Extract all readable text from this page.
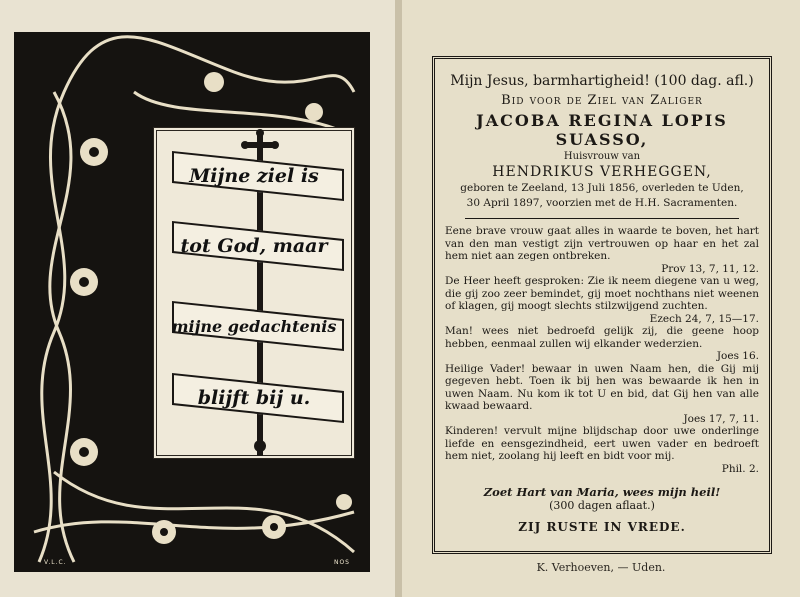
V.L.C.	NOS
Mijne ziel is
tot God, maar
mijne gedachtenis
blijft bij u.
Mijn Jesus, barmhartigheid! (100 dag. afl.)
Bid voor de Ziel van Zaliger
JACOBA REGINA LOPIS SUASSO,
Huisvrouw van
HENDRIKUS VERHEGGEN,
geboren te Zeeland, 13 Juli 1856, overleden te Uden,
30 April 1897, voorzien met de H.H. Sacramenten.
Eene brave vrouw gaat alles in waarde te boven, het hart van den man vestigt zijn vertrouwen op haar en het zal hem niet aan zegen ontbreken.
Prov 13, 7, 11, 12.
De Heer heeft gesproken: Zie ik neem diegene van u weg, die gij zoo zeer bemindet, gij moet nochthans niet weenen of klagen, gij moogt slechts stilzwijgend zuchten.
Ezech 24, 7, 15—17.
Man! wees niet bedroefd gelijk zij, die geene hoop hebben, eenmaal zullen wij elkander wederzien.
Joes 16.
Heilige Vader! bewaar in uwen Naam hen, die Gij mij gegeven hebt. Toen ik bij hen was bewaarde ik hen in uwen Naam. Nu kom ik tot U en bid, dat Gij hen van alle kwaad bewaard.
Joes 17, 7, 11.
Kinderen! vervult mijne blijdschap door uwe onderlinge liefde en eensgezindheid, eert uwen vader en bedroeft hem niet, zoolang hij leeft en bidt voor mij.
Phil. 2.
Zoet Hart van Maria, wees mijn heil!
(300 dagen aflaat.)
ZIJ RUSTE IN VREDE.
K. Verhoeven, — Uden.
